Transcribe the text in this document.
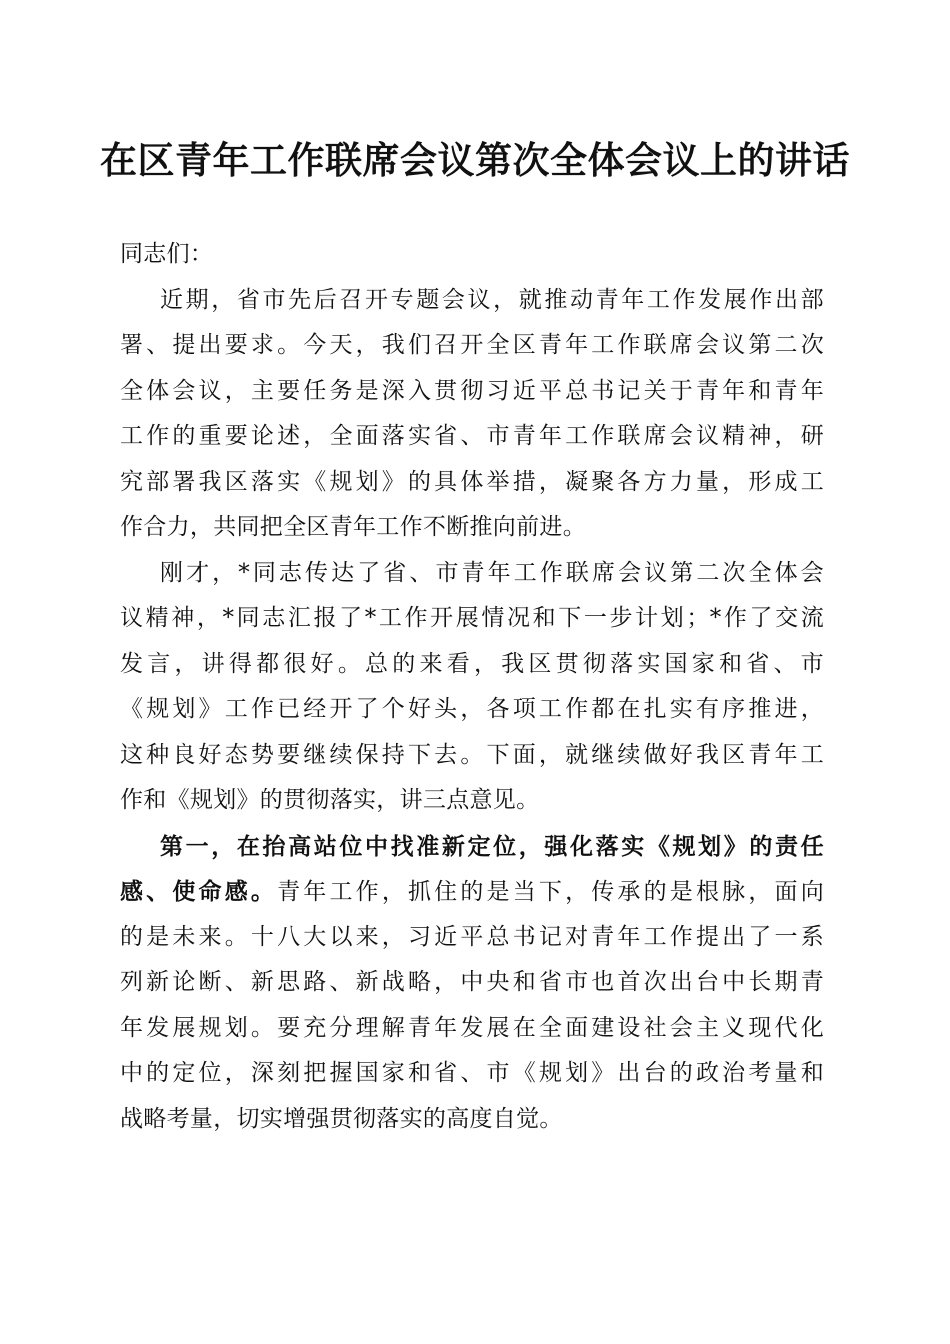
在区青年工作联席会议第次全体会议上的讲话
同志们：
近期，省市先后召开专题会议，就推动青年工作发展作出部
署、提出要求。今天，我们召开全区青年工作联席会议第二次
全体会议，主要任务是深入贯彻习近平总书记关于青年和青年
工作的重要论述，全面落实省、市青年工作联席会议精神，研
究部署我区落实《规划》的具体举措，凝聚各方力量，形成工
作合力，共同把全区青年工作不断推向前进。
刚才，*同志传达了省、市青年工作联席会议第二次全体会
议精神，*同志汇报了*工作开展情况和下一步计划；*作了交流
发言，讲得都很好。总的来看，我区贯彻落实国家和省、市
《规划》工作已经开了个好头，各项工作都在扎实有序推进，
这种良好态势要继续保持下去。下面，就继续做好我区青年工
作和《规划》的贯彻落实，讲三点意见。
第一，在抬高站位中找准新定位，强化落实《规划》的责任
感、使命感。青年工作，抓住的是当下，传承的是根脉，面向
的是未来。十八大以来，习近平总书记对青年工作提出了一系
列新论断、新思路、新战略，中央和省市也首次出台中长期青
年发展规划。要充分理解青年发展在全面建设社会主义现代化
中的定位，深刻把握国家和省、市《规划》出台的政治考量和
战略考量，切实增强贯彻落实的高度自觉。
